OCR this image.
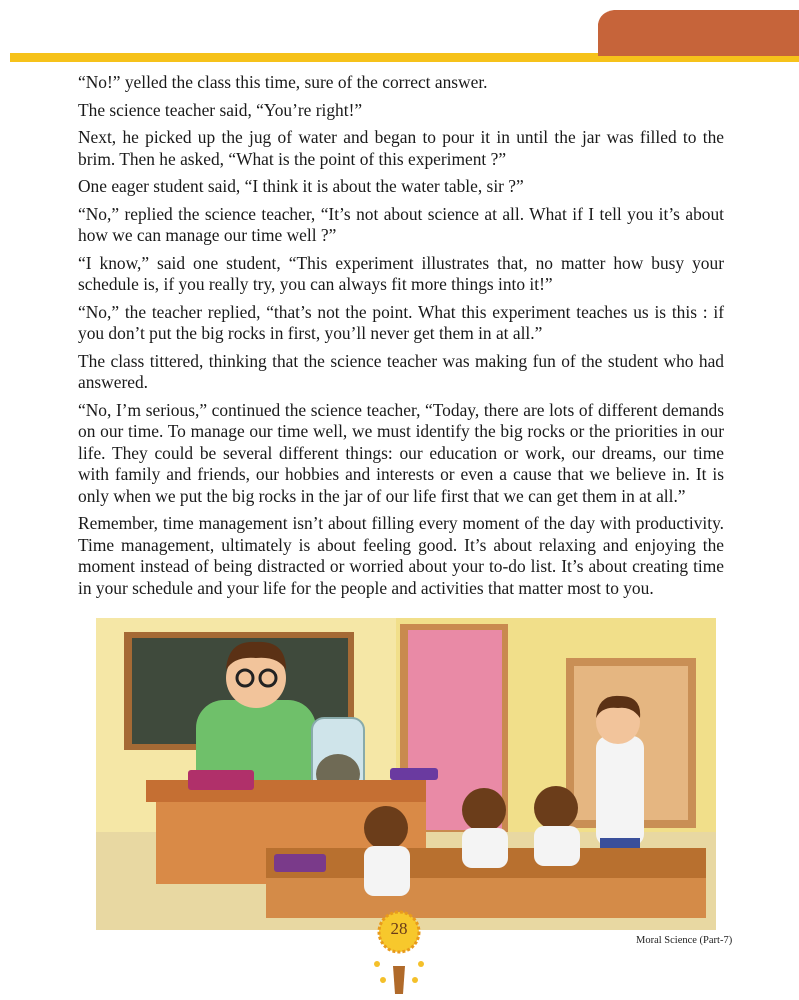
“No!” yelled the class this time, sure of the correct answer.

The science teacher said, “You’re right!”

Next, he picked up the jug of water and began to pour it in until the jar was filled to the brim. Then he asked, “What is the point of this experiment ?”

One eager student said, “I think it is about the water table, sir ?”

“No,” replied the science teacher, “It’s not about science at all. What if I tell you it’s about how we can manage our time well ?”

“I know,” said one student, “This experiment illustrates that, no matter how busy your schedule is, if you really try, you can always fit more things into it!”

“No,” the teacher replied, “that’s not the point. What this experiment teaches us is this : if you don’t put the big rocks in first, you’ll never get them in at all.”

The class tittered, thinking that the science teacher was making fun of the student who had answered.

“No, I’m serious,” continued the science teacher, “Today, there are lots of different demands on our time. To manage our time well, we must identify the big rocks or the priorities in our life. They could be several different things: our education or work, our dreams, our time with family and friends, our hobbies and interests or even a cause that we believe in. It is only when we put the big rocks in the jar of our life first that we can get them in at all.”

Remember, time management isn’t about filling every moment of the day with productivity. Time management, ultimately is about feeling good. It’s about relaxing and enjoying the moment instead of being distracted or worried about your to-do list. It’s about creating time in your schedule and your life for the people and activities that matter most to you.

28
Moral Science (Part-7)
